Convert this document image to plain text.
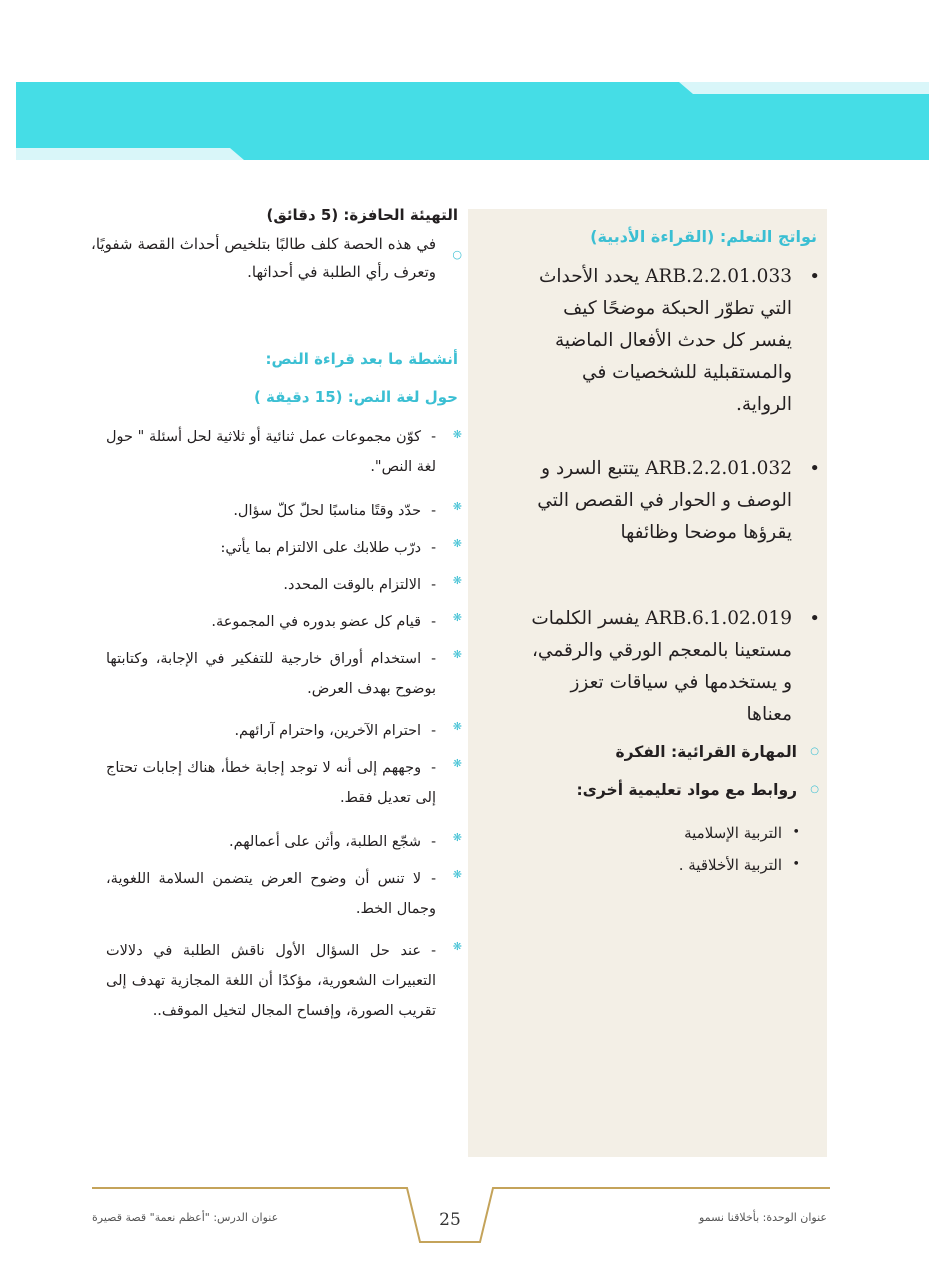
نواتج التعلم: (القراءة الأدبية)
•
ARB.2.2.01.033 يحدد الأحداث التي تطوّر الحبكة موضحًا كيف يفسر كل حدث الأفعال الماضية والمستقبلية للشخصيات في الرواية.
•
ARB.2.2.01.032 يتتبع السرد و الوصف و الحوار في القصص التي يقرؤها موضحا وظائفها
•
ARB.6.1.02.019 يفسر الكلمات مستعينا بالمعجم الورقي والرقمي، و يستخدمها في سياقات تعزز معناها
○
المهارة القرائية: الفكرة
○
روابط مع مواد تعليمية أخرى:
•
التربية الإسلامية
•
التربية الأخلاقية .
التهيئة الحافزة: (5 دقائق)
○

في هذه الحصة كلف طالبًا بتلخيص أحداث القصة شفويًا، وتعرف رأي الطلبة في أحداثها.

أنشطة ما بعد قراءة النص:
حول لغة النص: (15 دقيقة )
❋
-كوّن مجموعات عمل ثنائية أو ثلاثية لحل أسئلة " حول لغة النص".
❋
-حدّد وقتًا مناسبًا لحلّ كلّ سؤال.
❋
-درّب طلابك على الالتزام بما يأتي:
❋
-الالتزام بالوقت المحدد.
❋
-قيام كل عضو بدوره في المجموعة.
❋
-استخدام أوراق خارجية للتفكير في الإجابة، وكتابتها بوضوح بهدف العرض.
❋
-احترام الآخرين، واحترام آرائهم.
❋
-وجههم إلى أنه لا توجد إجابة خطأ، هناك إجابات تحتاج إلى تعديل فقط.
❋
-شجّع الطلبة، وأثن على أعمالهم.
❋
-لا تنس أن وضوح العرض يتضمن السلامة اللغوية، وجمال الخط.
❋
-عند حل السؤال الأول ناقش الطلبة في دلالات التعبيرات الشعورية، مؤكدًا أن اللغة المجازية تهدف إلى تقريب الصورة، وإفساح المجال لتخيل الموقف..
عنوان الوحدة: بأخلاقنا نسمو
25
عنوان الدرس: "أعظم نعمة" قصة قصيرة
